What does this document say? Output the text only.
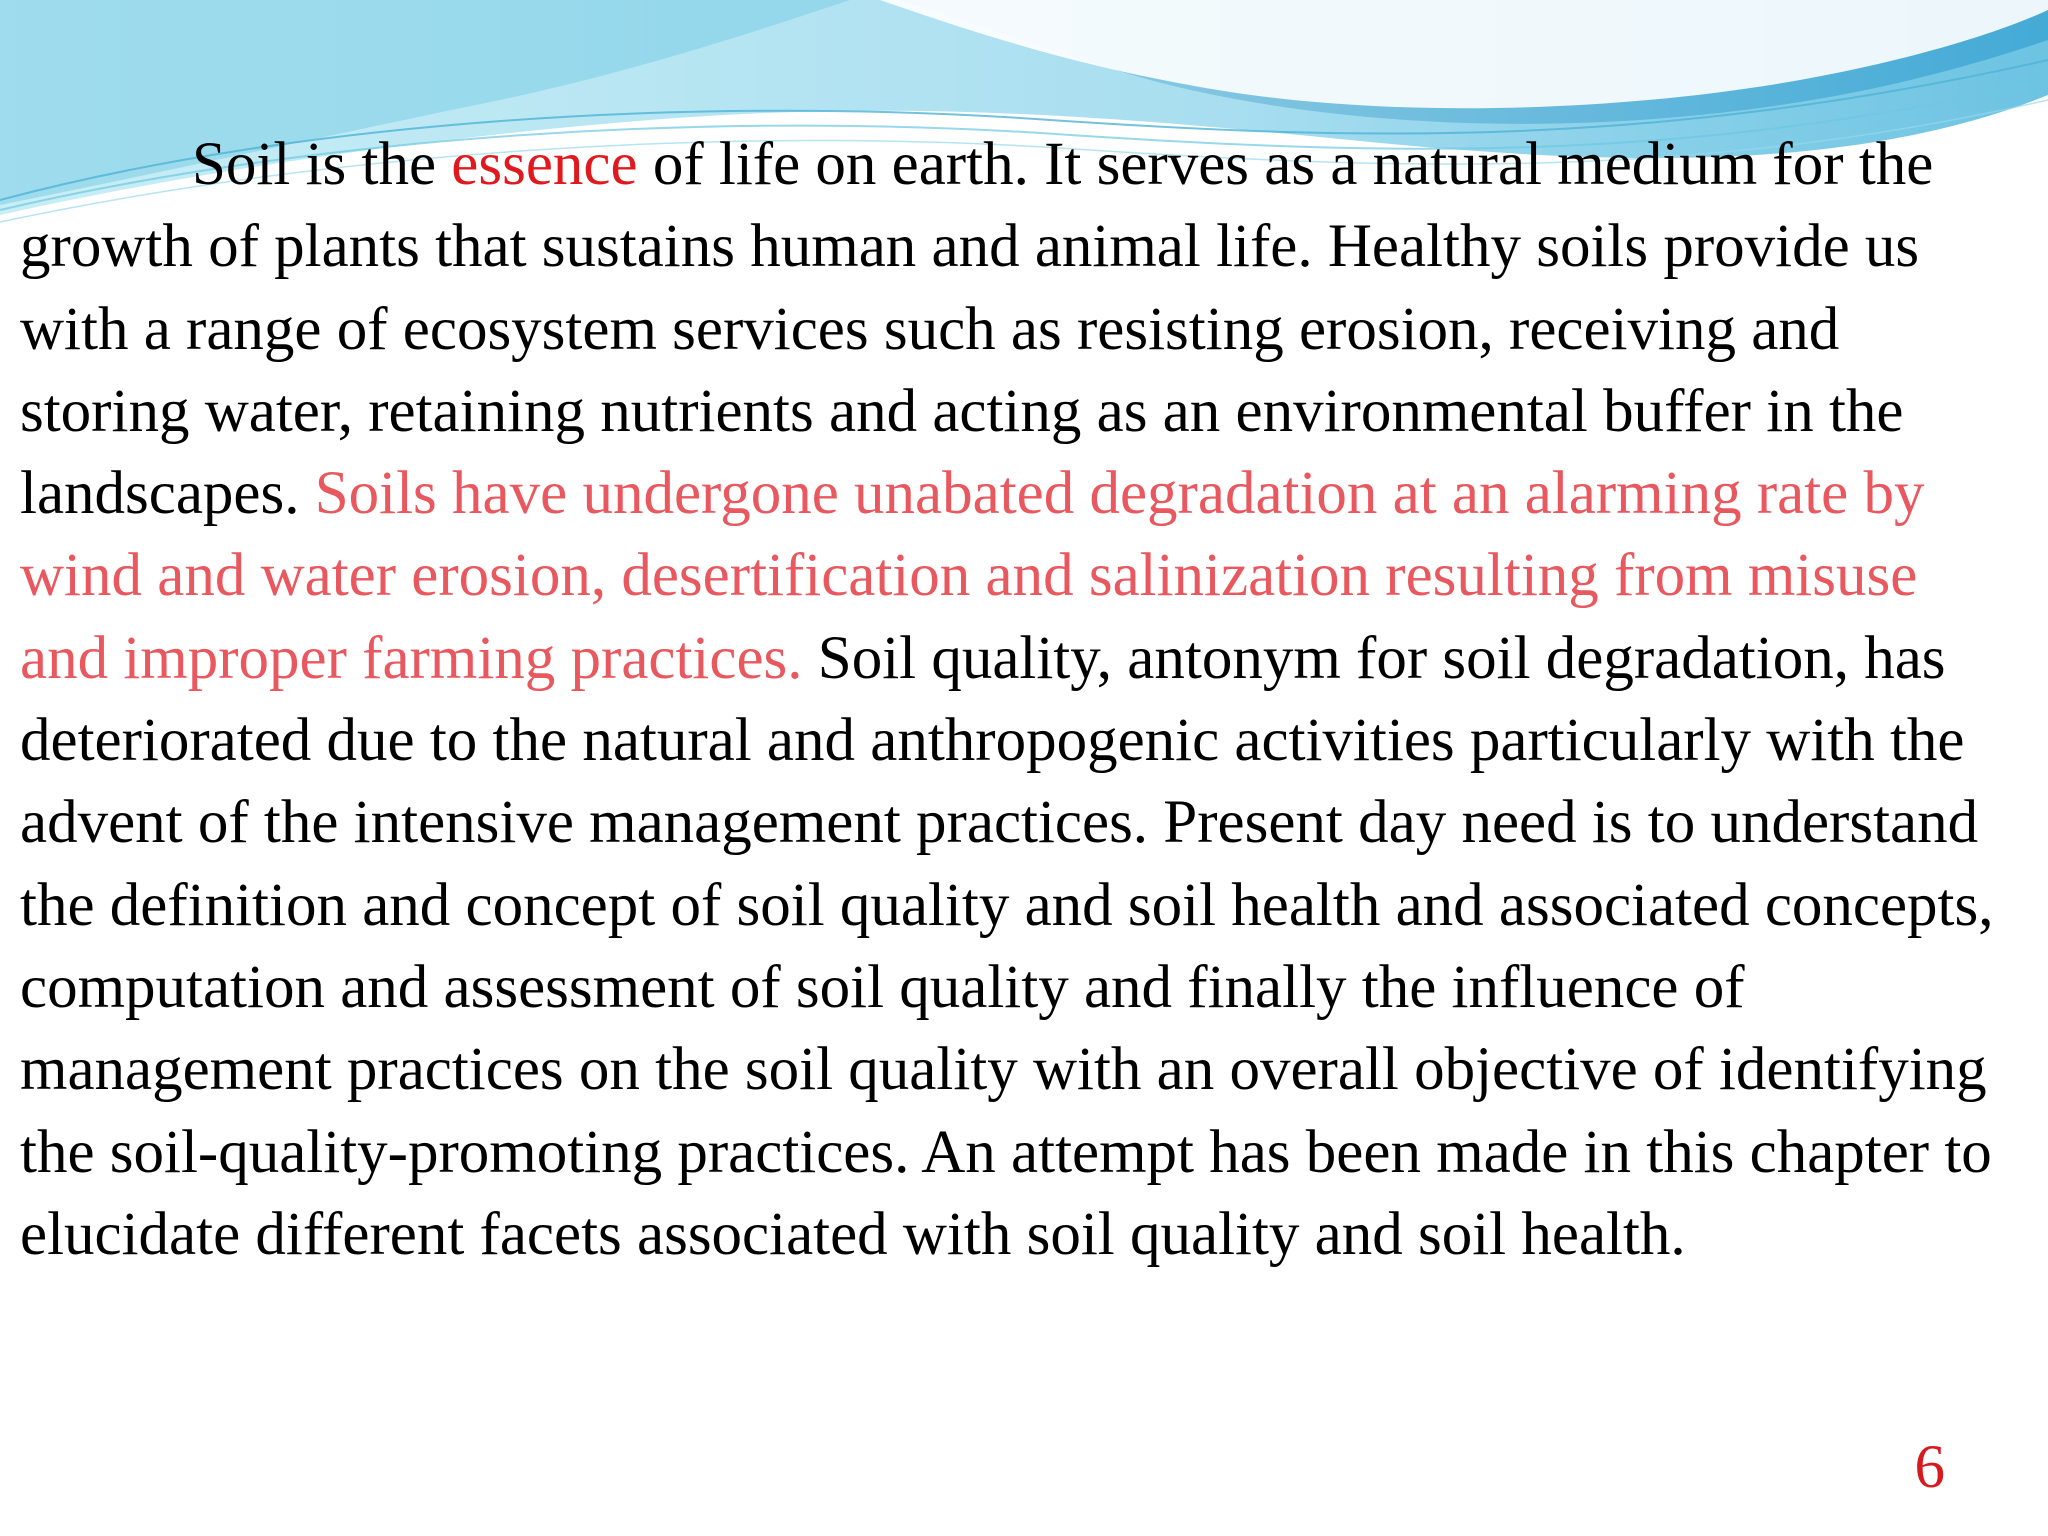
Soil is the essence of life on earth. It serves as a natural medium for the growth of plants that sustains human and animal life. Healthy soils provide us with a range of ecosystem services such as resisting erosion, receiving and storing water, retaining nutrients and acting as an environmental buffer in the landscapes. Soils have undergone unabated degradation at an alarming rate by wind and water erosion, desertification and salinization resulting from misuse and improper farming practices. Soil quality, antonym for soil degradation, has deteriorated due to the natural and anthropogenic activities particularly with the advent of the intensive management practices. Present day need is to understand the definition and concept of soil quality and soil health and associated concepts, computation and assessment of soil quality and finally the influence of management practices on the soil quality with an overall objective of identifying the soil-quality-promoting practices. An attempt has been made in this chapter to elucidate different facets associated with soil quality and soil health.

6
